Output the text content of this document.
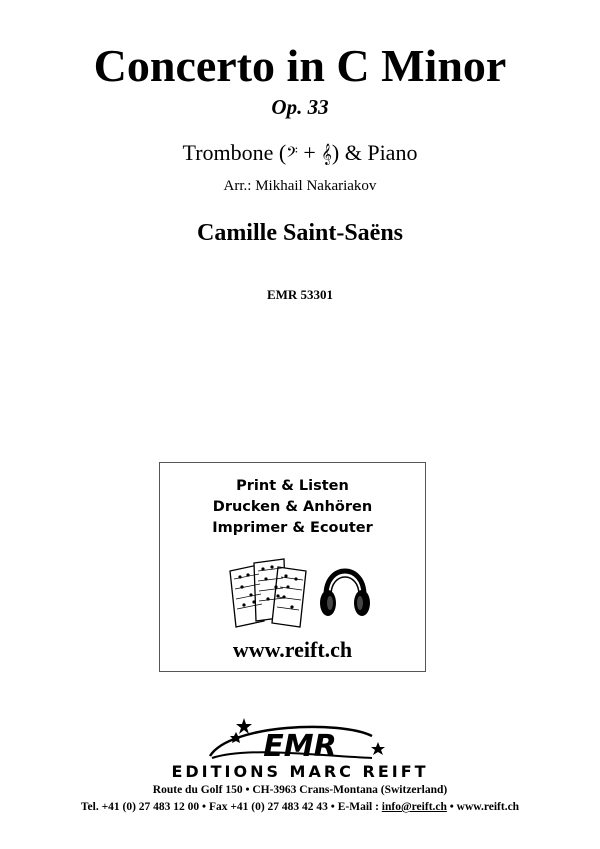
Concerto in C Minor
Op. 33
Trombone (𝄢 + 𝄞) & Piano
Arr.: Mikhail Nakariakov
Camille Saint-Saëns
EMR 53301
Print & Listen
Drucken & Anhören
Imprimer & Ecouter
www.reift.ch
EMR
EDITIONS MARC REIFT
Route du Golf 150 • CH-3963 Crans-Montana (Switzerland)
Tel. +41 (0) 27 483 12 00 • Fax +41 (0) 27 483 42 43 • E-Mail : info@reift.ch • www.reift.ch
